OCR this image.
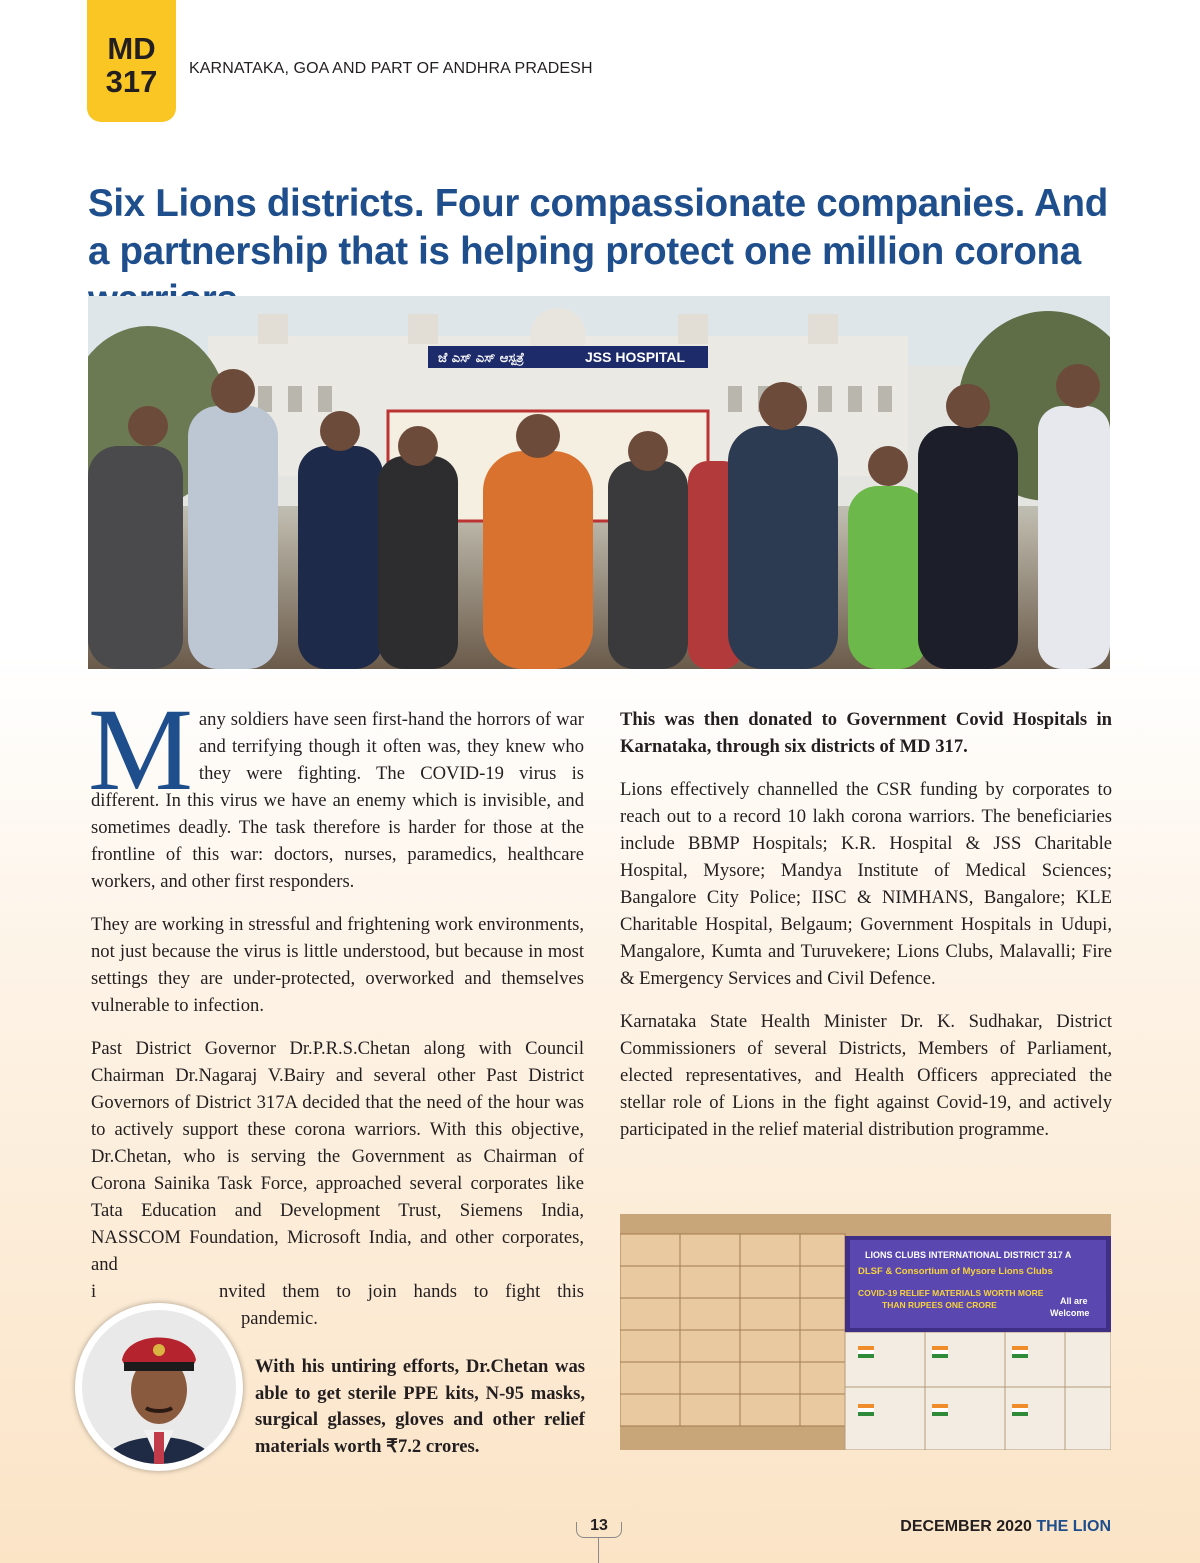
MD
317 KARNATAKA, GOA AND PART OF ANDHRA PRADESH
Six Lions districts. Four compassionate companies. And a partnership that is helping protect one million corona
ಜೆ ಎಸ್ ಎಸ್ ಆಸ್ಪತ್ರೆ	JSS HOSPITAL

Many soldiers have seen first-hand the horrors of war and terrifying though it often was, they knew who they were fighting. The COVID-19 virus is different. In this virus we have an enemy which is invisible, and sometimes deadly. The task therefore is harder for those at the frontline of this war: doctors, nurses, paramedics, healthcare workers, and other first responders.

They are working in stressful and frightening work environments, not just because the virus is little understood, but because in most settings they are under-protected, overworked and themselves vulnerable to infection.

Past District Governor Dr.P.R.S.Chetan along with Council Chairman Dr.Nagaraj V.Bairy and several other Past District Governors of District 317A decided that the need of the hour was to actively support these corona warriors. With this objective, Dr.Chetan, who is serving the Government as Chairman of Corona Sainika Task Force, approached several corporates like Tata Education and Development Trust, Siemens India, NASSCOM Foundation, Microsoft India, and other corporates, and
i	nvited them to join hands to fight this
pandemic.

With his untiring efforts, Dr.Chetan was able to get sterile PPE kits, N-95 masks, surgical glasses, gloves and other relief materials worth ₹7.2 crores.

This was then donated to Government Covid Hospitals in Karnataka, through six districts of MD 317.

Lions effectively channelled the CSR funding by corporates to reach out to a record 10 lakh corona warriors. The beneficiaries include BBMP Hospitals; K.R. Hospital & JSS Charitable Hospital, Mysore; Mandya Institute of Medical Sciences; Bangalore City Police; IISC & NIMHANS, Bangalore; KLE Charitable Hospital, Belgaum; Government Hospitals in Udupi, Mangalore, Kumta and Turuvekere; Lions Clubs, Malavalli; Fire & Emergency Services and Civil Defence.

Karnataka State Health Minister Dr. K. Sudhakar, District Commissioners of several Districts, Members of Parliament, elected representatives, and Health Officers appreciated the stellar role of Lions in the fight against Covid-19, and actively participated in the relief material distribution programme.

LIONS CLUBS INTERNATIONAL DISTRICT 317 A
DLSF & Consortium of Mysore Lions Clubs
COVID-19 RELIEF MATERIALS WORTH MORE
THAN RUPEES ONE CRORE	All are
Welcome
13	DECEMBER 2020 THE LION
